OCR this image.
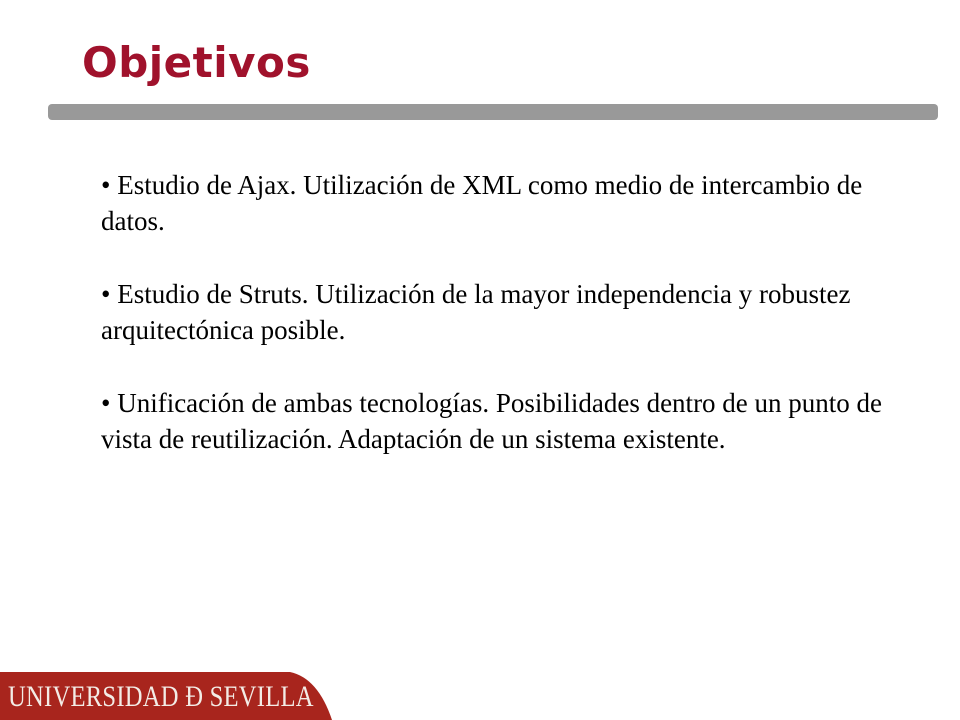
Objetivos
• Estudio de Ajax. Utilización de XML como medio de intercambio de datos.
• Estudio de Struts. Utilización de la mayor independencia y robustez arquitectónica posible.
• Unificación de ambas tecnologías. Posibilidades dentro de un punto de vista de reutilización. Adaptación de un sistema existente.
UNIVERSIDAD Ð SEVILLA
